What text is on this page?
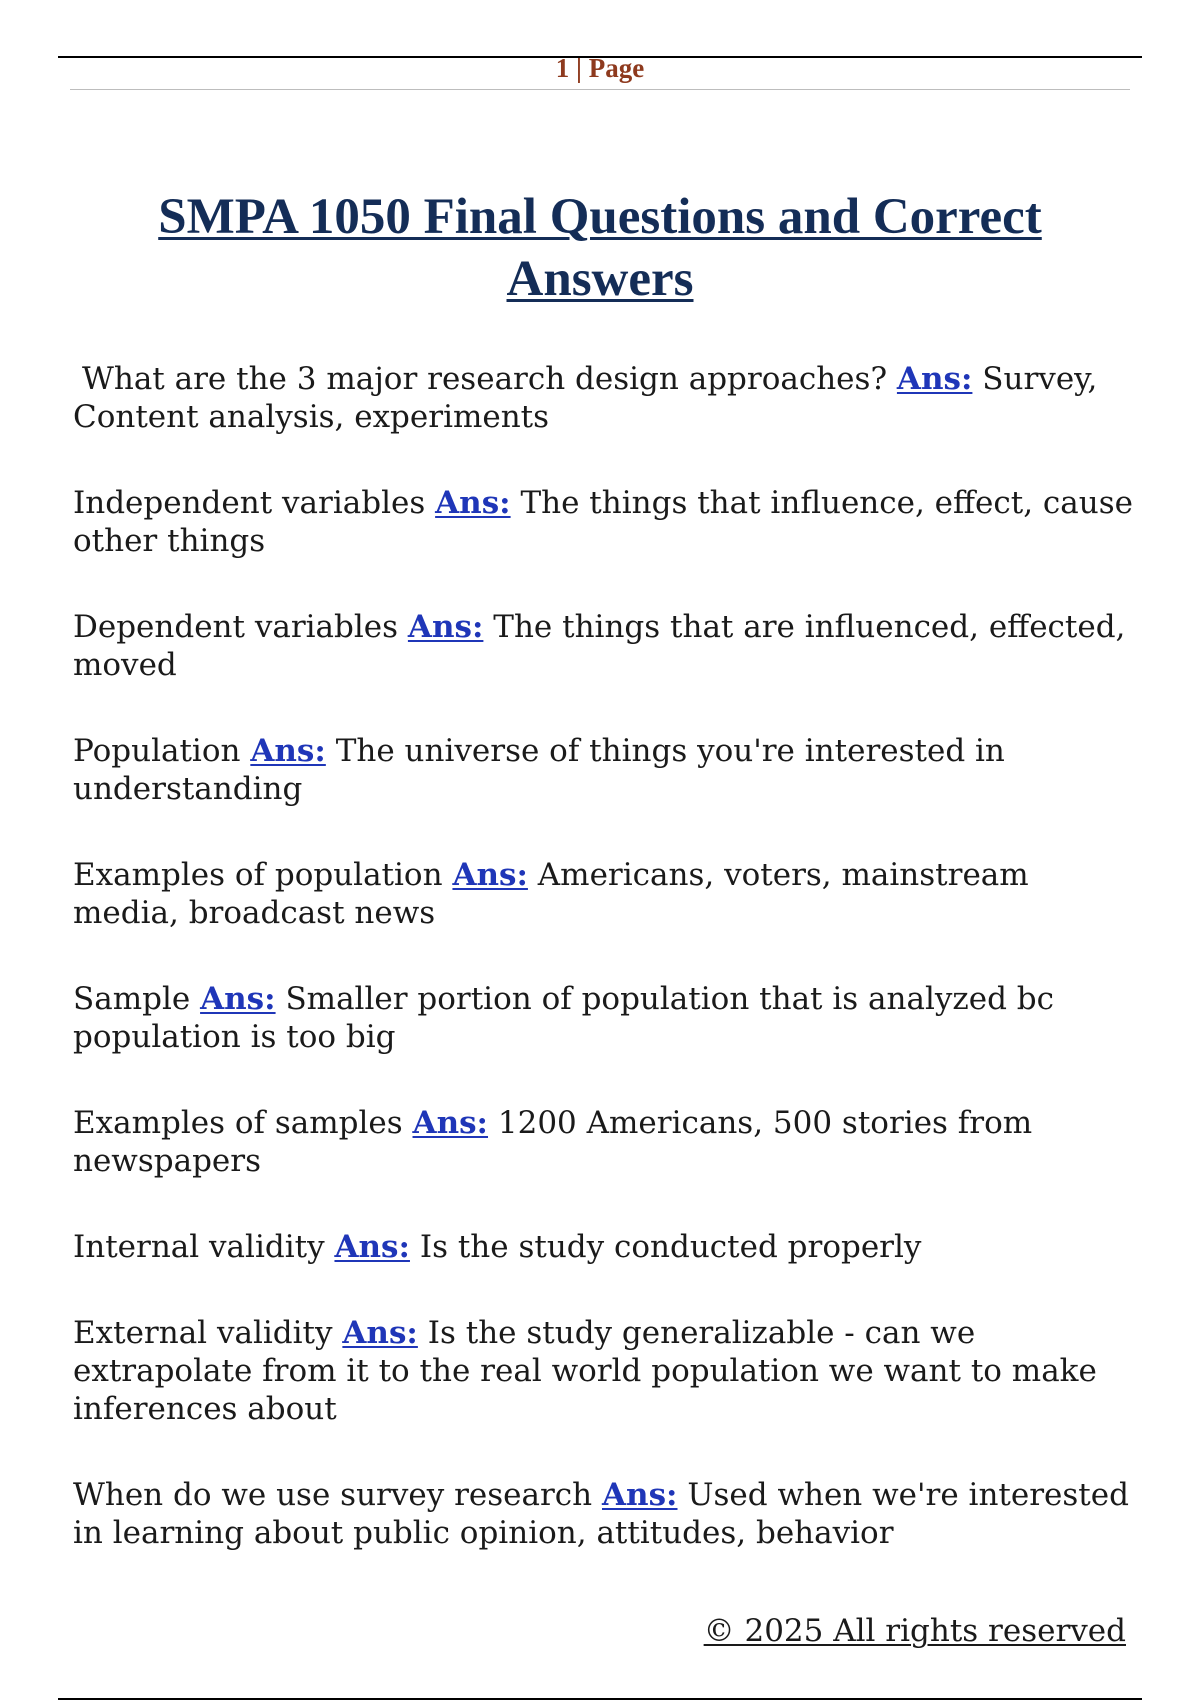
1 | Page
SMPA 1050 Final Questions and Correct Answers

What are the 3 major research design approaches? Ans: Survey, Content analysis, experiments

Independent variables Ans: The things that influence, effect, cause other things

Dependent variables Ans: The things that are influenced, effected, moved

Population Ans: The universe of things you're interested in understanding

Examples of population Ans: Americans, voters, mainstream media, broadcast news

Sample Ans: Smaller portion of population that is analyzed bc population is too big

Examples of samples Ans: 1200 Americans, 500 stories from newspapers

Internal validity Ans: Is the study conducted properly

External validity Ans: Is the study generalizable - can we extrapolate from it to the real world population we want to make inferences about

When do we use survey research Ans: Used when we're interested in learning about public opinion, attitudes, behavior

© 2025 All rights reserved
